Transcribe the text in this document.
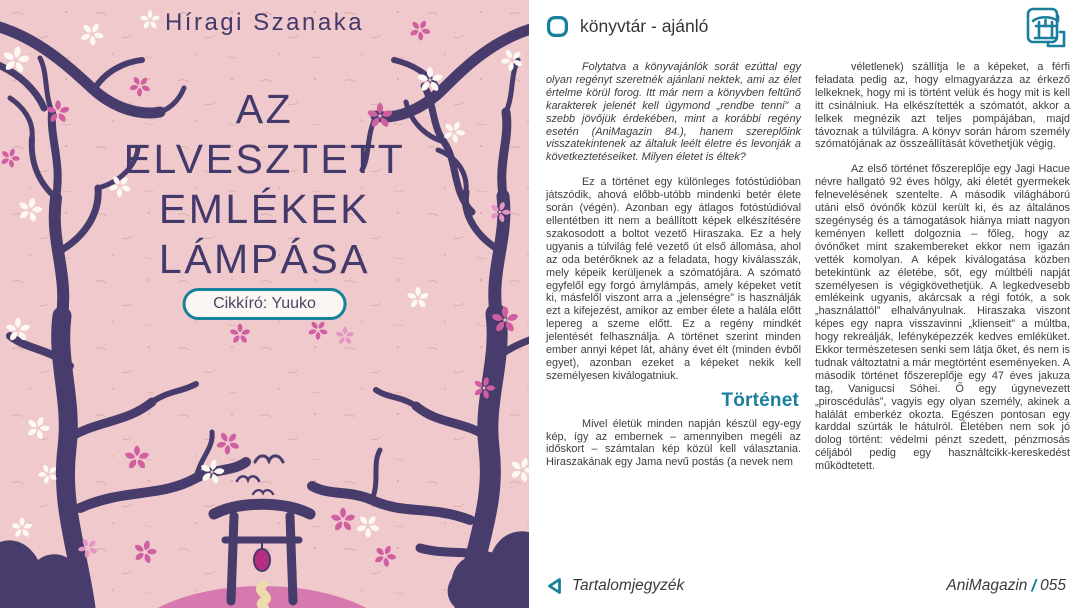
Híragi Szanaka
AZ
ELVESZTETT
EMLÉKEK
LÁMPÁSA
Cikkíró: Yuuko
könyvtár - ajánló

Folytatva a könyvajánlók sorát ezúttal egy olyan regényt szeretnék ajánlani nektek, ami az élet értelme körül forog. Itt már nem a könyvben feltűnő karakterek jelenét kell úgymond „rendbe tenni” a szebb jövőjük érdekében, mint a korábbi regény esetén (AniMagazin 84.), hanem szereplőink visszatekintenek az általuk leélt életre és levonják a következtetéseiket. Milyen életet is éltek?

Ez a történet egy különleges fotóstúdióban játszódik, ahová előbb-utóbb mindenki betér élete során (végén). Azonban egy átlagos fotóstúdióval ellentétben itt nem a beállított képek elkészítésére szakosodott a boltot vezető Hiraszaka. Ez a hely ugyanis a túlvilág felé vezető út első állomása, ahol az oda betérőknek az a feladata, hogy kiválasszák, mely képeik kerüljenek a szómatójára. A szómató egyfelől egy forgó árnylámpás, amely képeket vetít ki, másfelől viszont arra a „jelenségre” is használják ezt a kifejezést, amikor az ember élete a halála előtt lepereg a szeme előtt. Ez a regény mindkét jelentését felhasználja. A történet szerint minden ember annyi képet lát, ahány évet élt (minden évből egyet), azonban ezeket a képeket nekik kell személyesen kiválogatniuk.

Történet

Mivel életük minden napján készül egy-egy kép, így az embernek – amennyiben megéli az időskort – számtalan kép közül kell választania. Hiraszakának egy Jama nevű postás (a nevek nem

véletlenek) szállítja le a képeket, a férfi feladata pedig az, hogy elmagyarázza az érkező lelkeknek, hogy mi is történt velük és hogy mit is kell itt csinálniuk. Ha elkészítették a szómatót, akkor a lelkek megnézik azt teljes pompájában, majd távoznak a túlvilágra. A könyv során három személy szómatójának az összeállítását követhetjük végig.

Az első történet főszereplője egy Jagi Hacue névre hallgató 92 éves hölgy, aki életét gyermekek felnevelésének szentelte. A második világháború utáni első óvónők közül került ki, és az általános szegénység és a támogatások hiánya miatt nagyon keményen kellett dolgoznia – főleg, hogy az óvónőket mint szakembereket ekkor nem igazán vették komolyan. A képek kiválogatása közben betekintünk az életébe, sőt, egy múltbéli napját személyesen is végigkövethetjük. A legkedvesebb emlékeink ugyanis, akárcsak a régi fotók, a sok „használattól” elhalványulnak. Hiraszaka viszont képes egy napra visszavinni „klienseit” a múltba, hogy rekreálják, lefényképezzék kedves emléküket. Ekkor természetesen senki sem látja őket, és nem is tudnak változtatni a már megtörtént eseményeken. A második történet főszereplője egy 47 éves jakuza tag, Vanigucsi Sóhei. Ő egy úgynevezett „piroscédulás”, vagyis egy olyan személy, akinek a halálát emberkéz okozta. Egészen pontosan egy karddal szúrták le hátulról. Életében nem sok jó dolog történt: védelmi pénzt szedett, pénzmosás céljából pedig egy használtcikk-kereskedést működtetett.

Tartalomjegyzék	AniMagazin / 055
